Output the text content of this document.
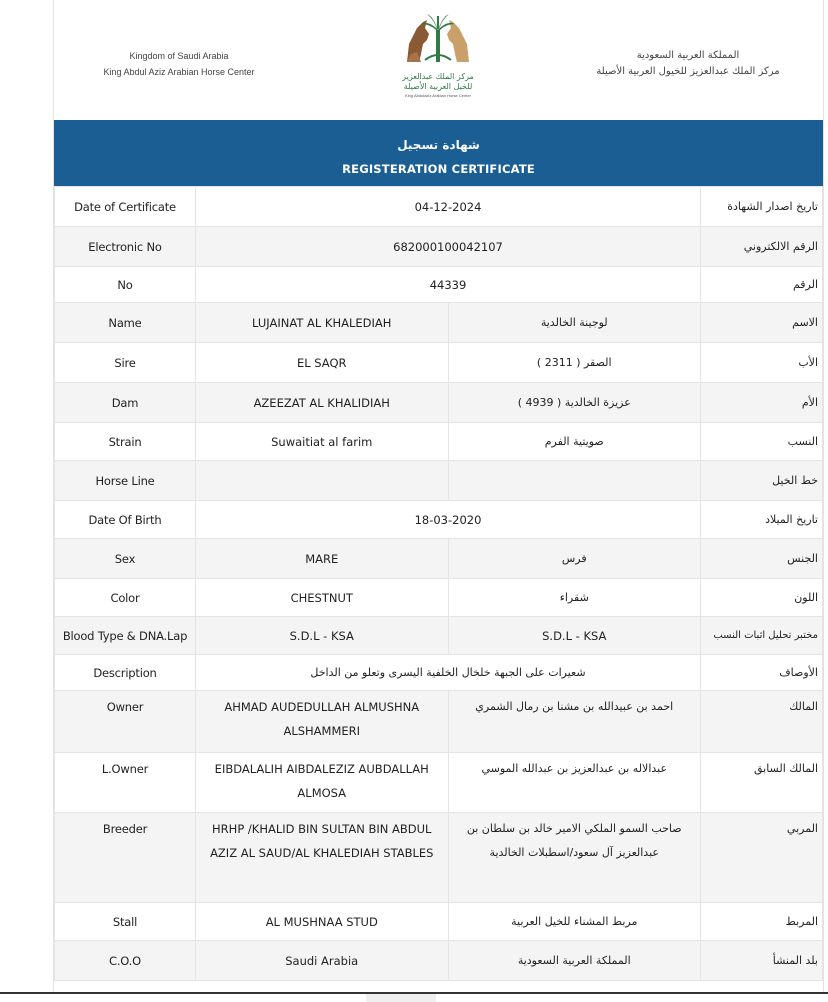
Kingdom of Saudi Arabia
King Abdul Aziz Arabian Horse Center	مركز الملك عبدالعزيز
للخيل العربية الأصيلة
King Abdulaziz Arabian Horse Center
المملكة العربية السعودية
مركز الملك عبدالعزيز للخيول العربية الأصيلة
شهادة تسجيل
REGISTERATION CERTIFICATE
Date of Certificate	04-12-2024		تاريخ اصدار الشهادة
Electronic No	682000100042107		الرقم الالكتروني
No	44339		الرقم
Name	LUJAINAT AL KHALEDIAH	لوجينة الخالدية	الاسم
Sire	EL SAQR	الصقر ( 2311 )	الأب
Dam	AZEEZAT AL KHALIDIAH	عزيزة الخالدية ( 4939 )	الأم
Strain	Suwaitiat al farim	صويتية الفرم	النسب
Horse Line			خط الخيل
Date Of Birth	18-03-2020		تاريخ الميلاد
Sex	MARE	فرس	الجنس
Color	CHESTNUT	شقراء	اللون
Blood Type & DNA.Lap	S.D.L - KSA	S.D.L - KSA	مختبر تحليل اثبات النسب
Description	شعيرات على الجبهة خلخال الخلفية اليسرى وتعلو من الداخل		الأوصاف
Owner	AHMAD AUDEDULLAH ALMUSHNA ALSHAMMERI	احمد بن عبيدالله بن مشنا بن رمال الشمري	المالك
L.Owner	EIBDALALIH AIBDALEZIZ AUBDALLAH ALMOSA	عبدالاله بن عبدالعزيز بن عبدالله الموسي	المالك السابق
Breeder	HRHP /KHALID BIN SULTAN BIN ABDUL AZIZ AL SAUD/AL KHALEDIAH STABLES	صاحب السمو الملكي الامير خالد بن سلطان بن عبدالعزيز آل سعود/اسطبلات الخالدية	المربي
Stall	AL MUSHNAA STUD	مربط المشناء للخيل العربية	المربط
C.O.O	Saudi Arabia	المملكة العربية السعودية	بلد المنشأ
